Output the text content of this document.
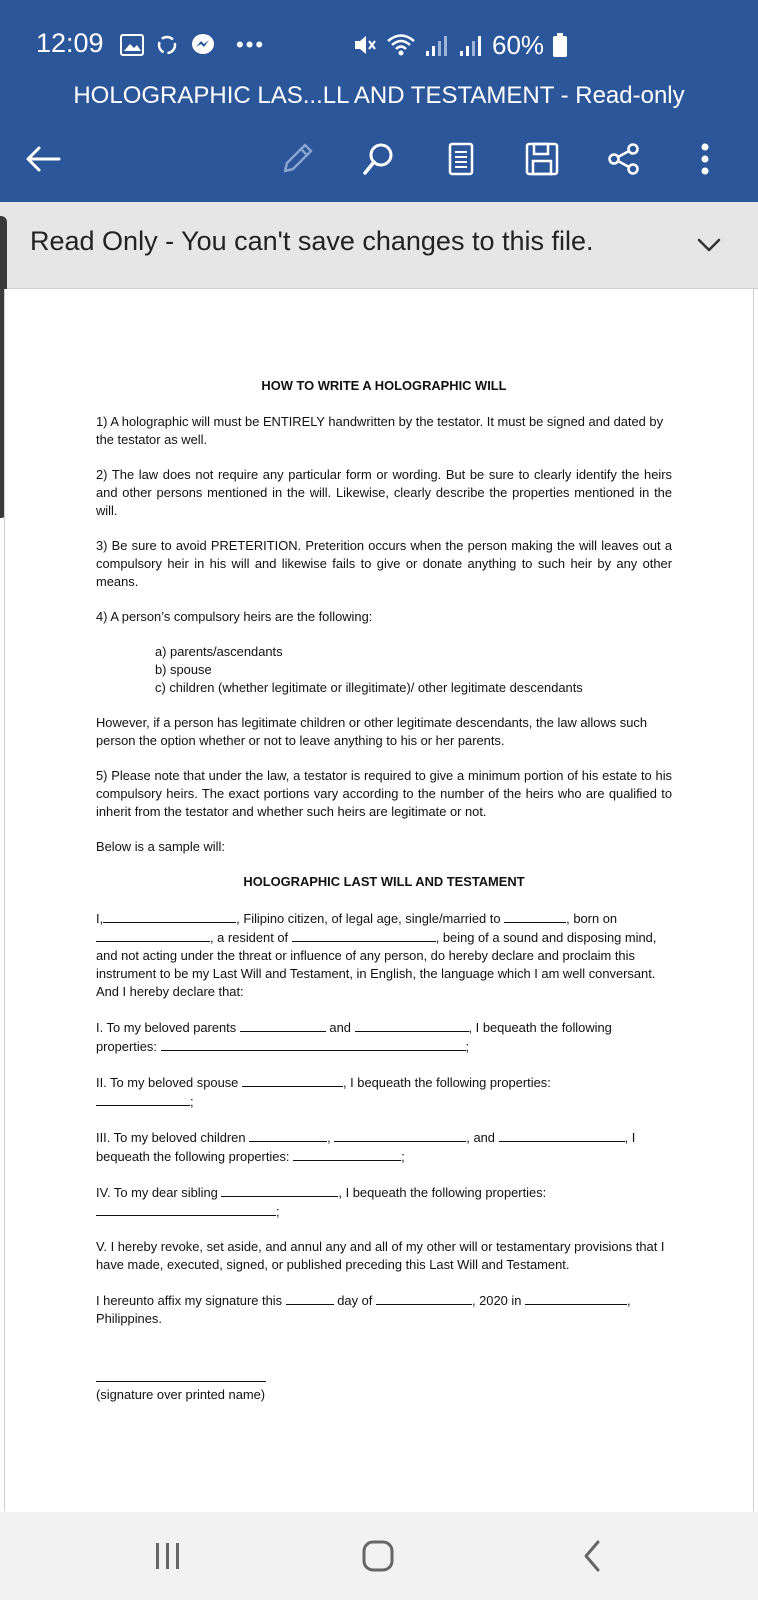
12:09	•••	60%
HOLOGRAPHIC LAS...LL AND TESTAMENT - Read-only
Read Only - You can't save changes to this file.

HOW TO WRITE A HOLOGRAPHIC WILL

1) A holographic will must be ENTIRELY handwritten by the testator. It must be signed and dated by the testator as well.

2) The law does not require any particular form or wording. But be sure to clearly identify the heirs and other persons mentioned in the will. Likewise, clearly describe the properties mentioned in the will.

3) Be sure to avoid PRETERITION. Preterition occurs when the person making the will leaves out a compulsory heir in his will and likewise fails to give or donate anything to such heir by any other means.

4) A person’s compulsory heirs are the following:

a) parents/ascendants
b) spouse
c) children (whether legitimate or illegitimate)/ other legitimate descendants

However, if a person has legitimate children or other legitimate descendants, the law allows such person the option whether or not to leave anything to his or her parents.

5) Please note that under the law, a testator is required to give a minimum portion of his estate to his compulsory heirs. The exact portions vary according to the number of the heirs who are qualified to inherit from the testator and whether such heirs are legitimate or not.

Below is a sample will:

HOLOGRAPHIC LAST WILL AND TESTAMENT

I,	, Filipino citizen, of legal age, single/married to	, born on , a resident of	, being of a sound and disposing mind, and not acting under the threat or influence of any person, do hereby declare and proclaim this instrument to be my Last Will and Testament, in English, the language which I am well conversant. And I hereby declare that:

I. To my beloved parents	and	, I bequeath the following properties:	;

II. To my beloved spouse	, I bequeath the following properties:
;

III. To my beloved children	,	, and	, I bequeath the following properties:	;

IV. To my dear sibling	, I bequeath the following properties:
;

V. I hereby revoke, set aside, and annul any and all of my other will or testamentary provisions that I have made, executed, signed, or published preceding this Last Will and Testament.

I hereunto affix my signature this	day of	, 2020 in	, Philippines.

(signature over printed name)
